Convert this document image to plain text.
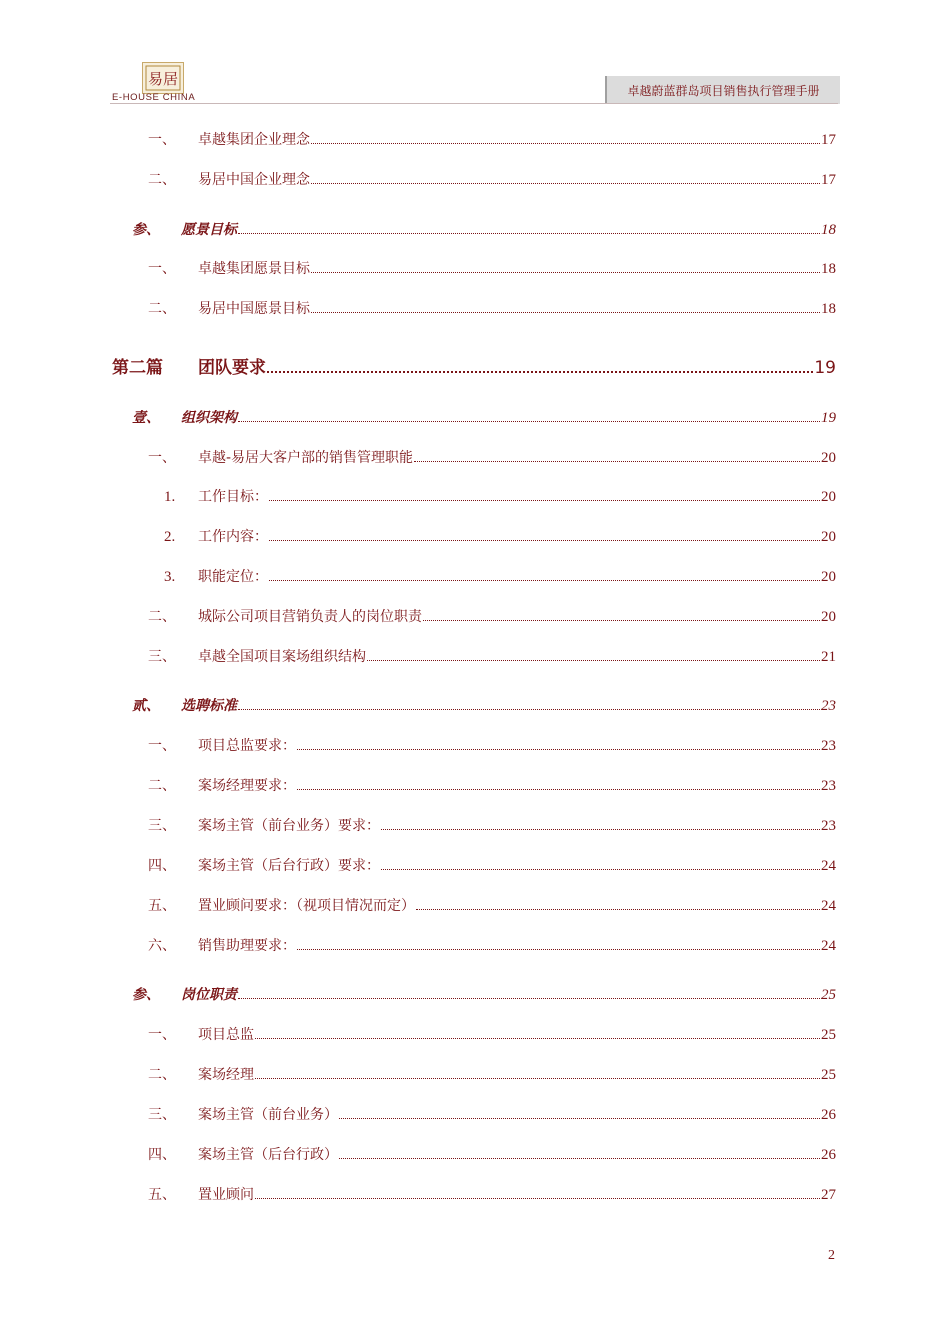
易居
E-HOUSE CHINA	卓越蔚蓝群岛项目销售执行管理手册
一、	卓越集团企业理念	17
二、	易居中国企业理念	17
参、	愿景目标	18
一、	卓越集团愿景目标	18
二、	易居中国愿景目标	18
第二篇	团队要求	19
壹、	组织架构	19
一、	卓越-易居大客户部的销售管理职能	20
1.	工作目标：	20
2.	工作内容：	20
3.	职能定位：	20
二、	城际公司项目营销负责人的岗位职责	20
三、	卓越全国项目案场组织结构	21
贰、	选聘标准	23
一、	项目总监要求：	23
二、	案场经理要求：	23
三、	案场主管（前台业务）要求：	23
四、	案场主管（后台行政）要求：	24
五、	置业顾问要求：（视项目情况而定）	24
六、	销售助理要求：	24
参、	岗位职责	25
一、	项目总监	25
二、	案场经理	25
三、	案场主管（前台业务）	26
四、	案场主管（后台行政）	26
五、	置业顾问	27
2
